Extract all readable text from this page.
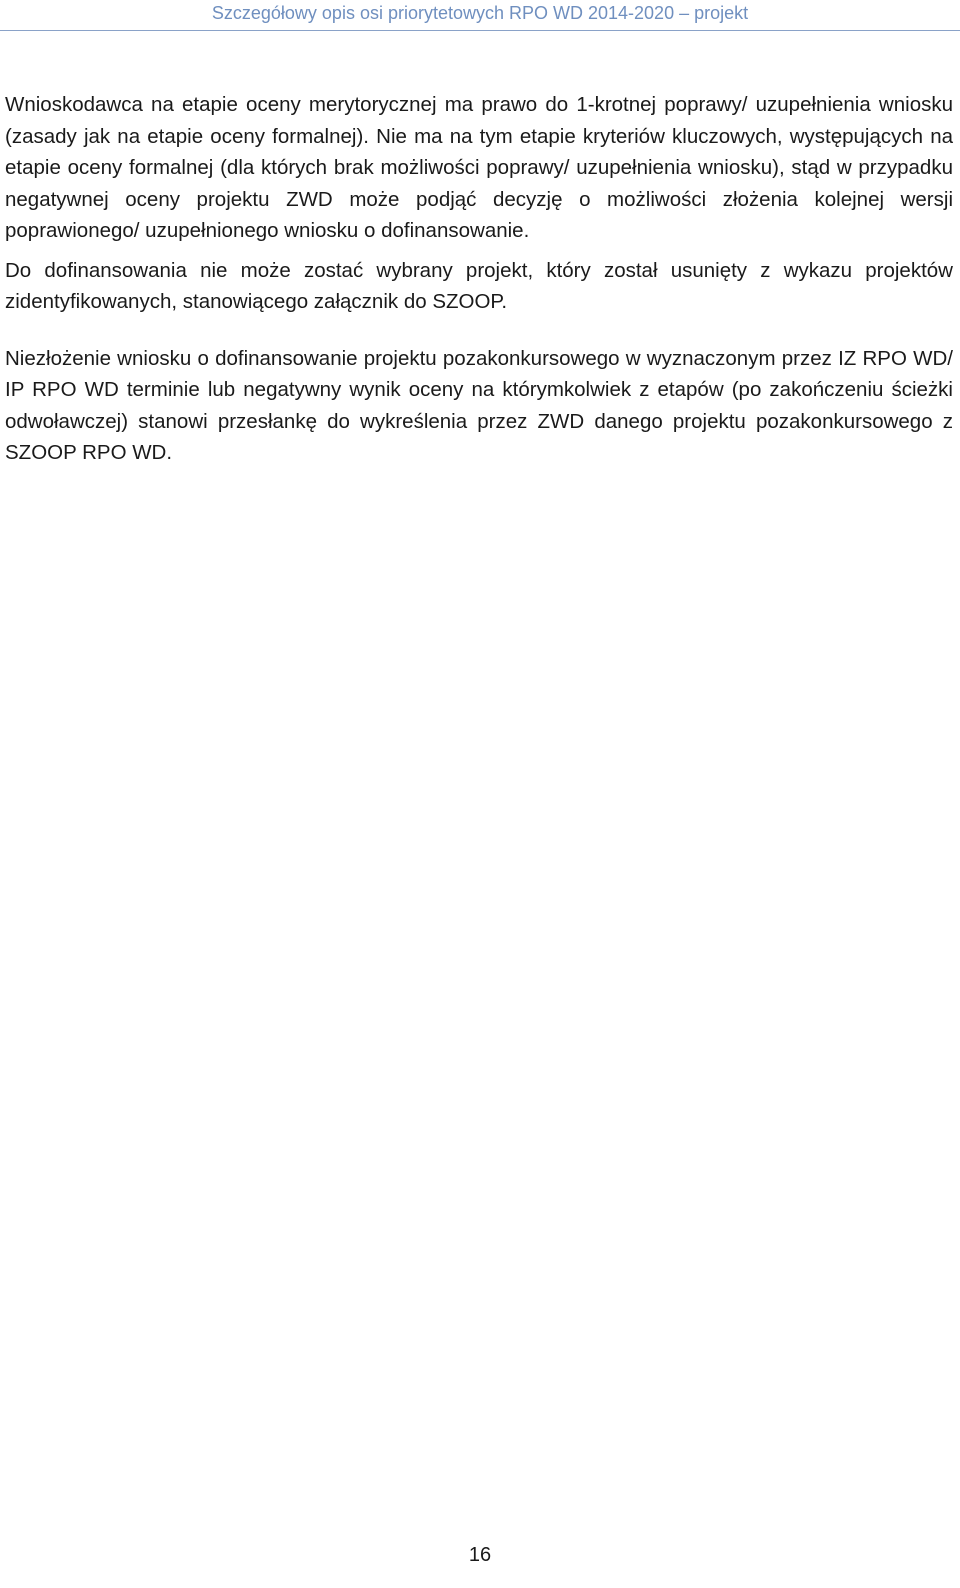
Szczegółowy opis osi priorytetowych RPO WD 2014-2020 – projekt

Wnioskodawca na etapie oceny merytorycznej ma prawo do 1-krotnej poprawy/ uzupełnienia wniosku (zasady jak na etapie oceny formalnej). Nie ma na tym etapie kryteriów kluczowych, występujących na etapie oceny formalnej (dla których brak możliwości poprawy/ uzupełnienia wniosku), stąd w przypadku negatywnej oceny projektu ZWD może podjąć decyzję o możliwości złożenia kolejnej wersji poprawionego/ uzupełnionego wniosku o dofinansowanie.

Do dofinansowania nie może zostać wybrany projekt, który został usunięty z wykazu projektów zidentyfikowanych, stanowiącego załącznik do SZOOP.

Niezłożenie wniosku o dofinansowanie projektu pozakonkursowego w wyznaczonym przez IZ RPO WD/ IP RPO WD terminie lub negatywny wynik oceny na którymkolwiek z etapów (po zakończeniu ścieżki odwoławczej) stanowi przesłankę do wykreślenia przez ZWD danego projektu pozakonkursowego z SZOOP RPO WD.

16
